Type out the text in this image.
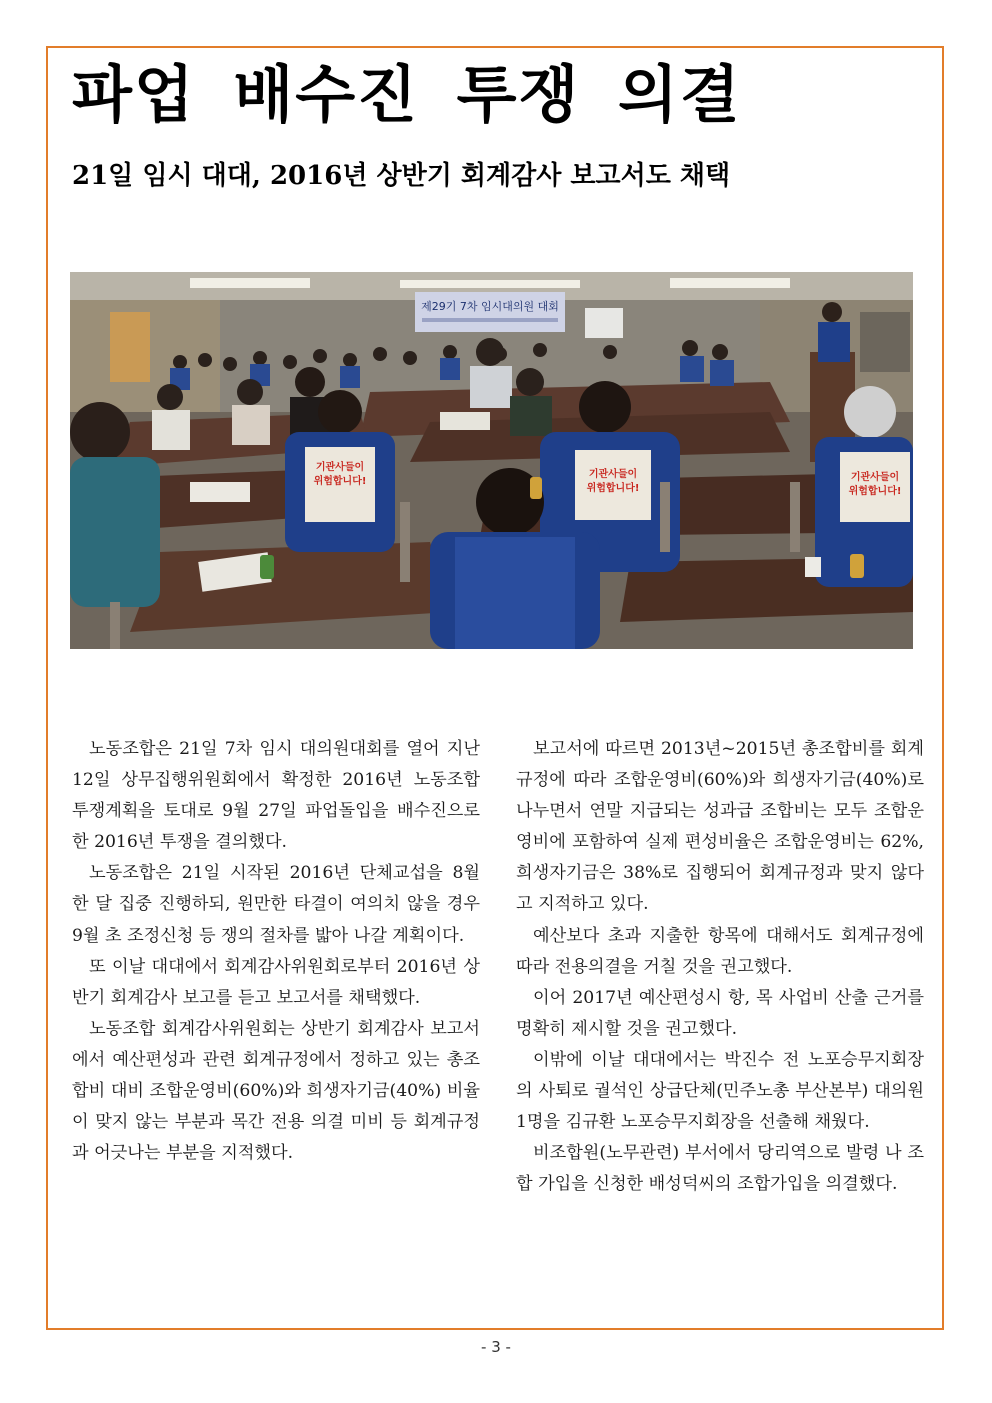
파업 배수진 투쟁 의결
21일 임시 대대, 2016년 상반기 회계감사 보고서도 채택
제29기 7차 임시대의원 대회
기관사들이
위험합니다!
기관사들이
위험합니다!
기관사들이
위험합니다!

노동조합은 21일 7차 임시 대의원대회를 열어 지난 12일 상무집행위원회에서 확정한 2016년 노동조합 투쟁계획을 토대로 9월 27일 파업돌입을 배수진으로 한 2016년 투쟁을 결의했다.

노동조합은 21일 시작된 2016년 단체교섭을 8월 한 달 집중 진행하되, 원만한 타결이 여의치 않을 경우 9월 초 조정신청 등 쟁의 절차를 밟아 나갈 계획이다.

또 이날 대대에서 회계감사위원회로부터 2016년 상반기 회계감사 보고를 듣고 보고서를 채택했다.

노동조합 회계감사위원회는 상반기 회계감사 보고서에서 예산편성과 관련 회계규정에서 정하고 있는 총조합비 대비 조합운영비(60%)와 희생자기금(40%) 비율이 맞지 않는 부분과 목간 전용 의결 미비 등 회계규정과 어긋나는 부분을 지적했다.

보고서에 따르면 2013년~2015년 총조합비를 회계규정에 따라 조합운영비(60%)와 희생자기금(40%)로 나누면서 연말 지급되는 성과급 조합비는 모두 조합운영비에 포함하여 실제 편성비율은 조합운영비는 62%, 희생자기금은 38%로 집행되어 회계규정과 맞지 않다고 지적하고 있다.

예산보다 초과 지출한 항목에 대해서도 회계규정에 따라 전용의결을 거칠 것을 권고했다.

이어 2017년 예산편성시 항, 목 사업비 산출 근거를 명확히 제시할 것을 권고했다.

이밖에 이날 대대에서는 박진수 전 노포승무지회장의 사퇴로 궐석인 상급단체(민주노총 부산본부) 대의원 1명을 김규환 노포승무지회장을 선출해 채웠다.

비조합원(노무관련) 부서에서 당리역으로 발령 나 조합 가입을 신청한 배성덕씨의 조합가입을 의결했다.

- 3 -
